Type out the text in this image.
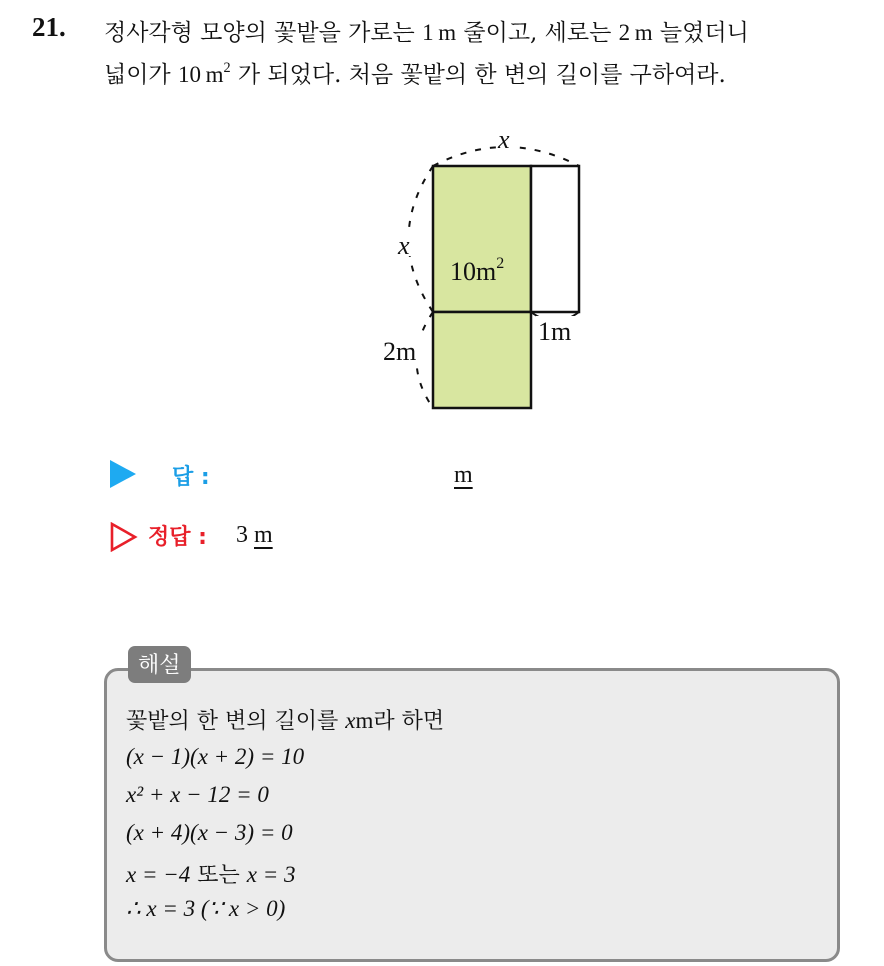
21. 정사각형 모양의 꽃밭을 가로는 1  m 줄이고, 세로는 2  m 늘였더니
넓이가 10  $m^2$ 가 되었다. 처음 꽃밭의 한 변의 길이를 구하여라.
x
x
$10m^2$
1m
2m
답 :	m
정답 : 3 m
해설
꽃밭의 한 변의 길이를 xm라 하면
(x − 1)(x + 2) = 10
x² + x − 12 = 0
(x + 4)(x − 3) = 0
x = −4 또는 x = 3
∴ x = 3 (∵ x > 0)
